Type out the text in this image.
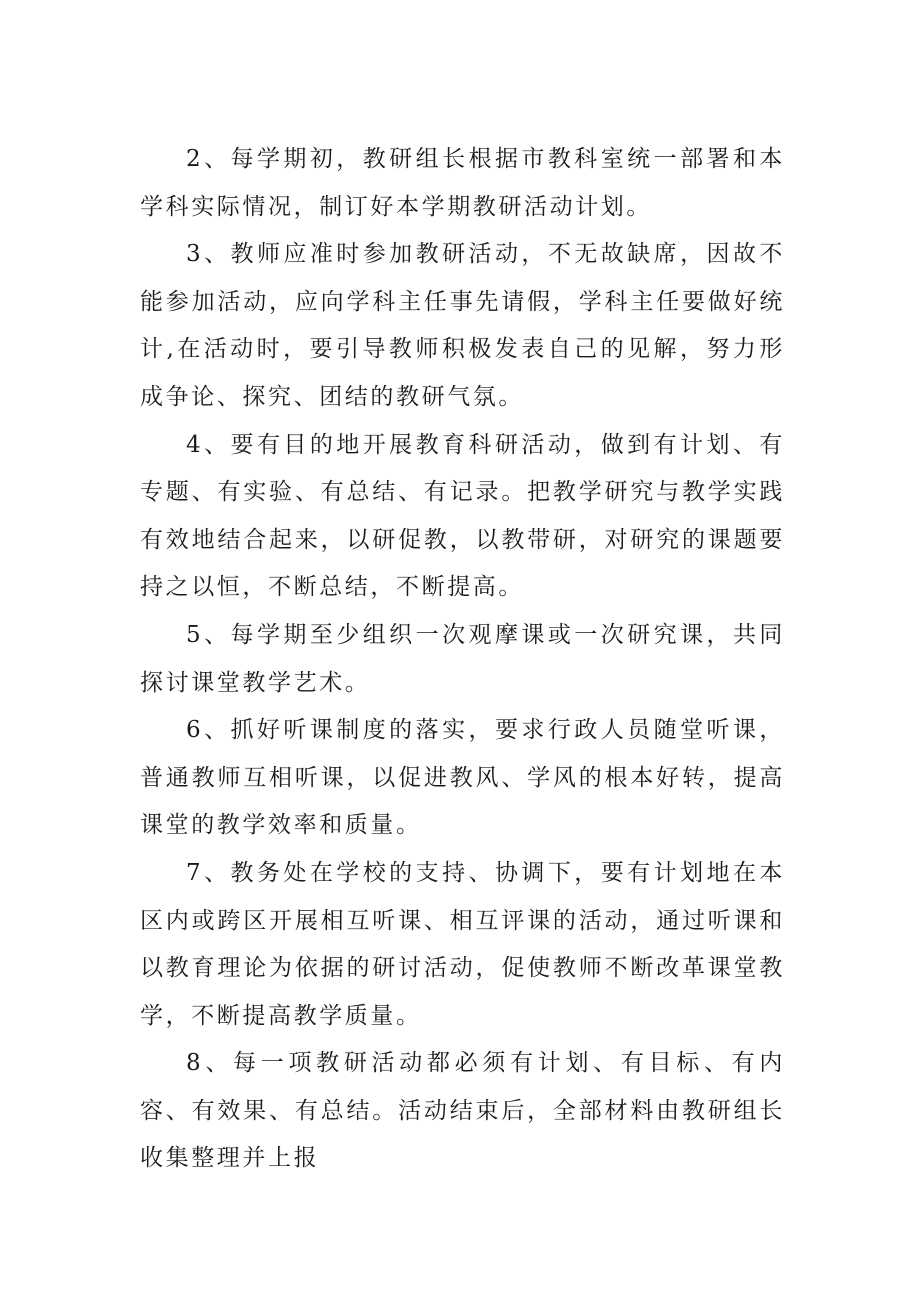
2、每学期初，教研组长根据市教科室统一部署和本学科实际情况，制订好本学期教研活动计划。

3、教师应准时参加教研活动，不无故缺席，因故不能参加活动，应向学科主任事先请假，学科主任要做好统计,在活动时，要引导教师积极发表自己的见解，努力形成争论、探究、团结的教研气氛。

4、要有目的地开展教育科研活动，做到有计划、有专题、有实验、有总结、有记录。把教学研究与教学实践有效地结合起来，以研促教，以教带研，对研究的课题要持之以恒，不断总结，不断提高。

5、每学期至少组织一次观摩课或一次研究课，共同探讨课堂教学艺术。

6、抓好听课制度的落实，要求行政人员随堂听课，普通教师互相听课，以促进教风、学风的根本好转，提高课堂的教学效率和质量。

7、教务处在学校的支持、协调下，要有计划地在本区内或跨区开展相互听课、相互评课的活动，通过听课和以教育理论为依据的研讨活动，促使教师不断改革课堂教学，不断提高教学质量。

8、每一项教研活动都必须有计划、有目标、有内容、有效果、有总结。活动结束后，全部材料由教研组长收集整理并上报
